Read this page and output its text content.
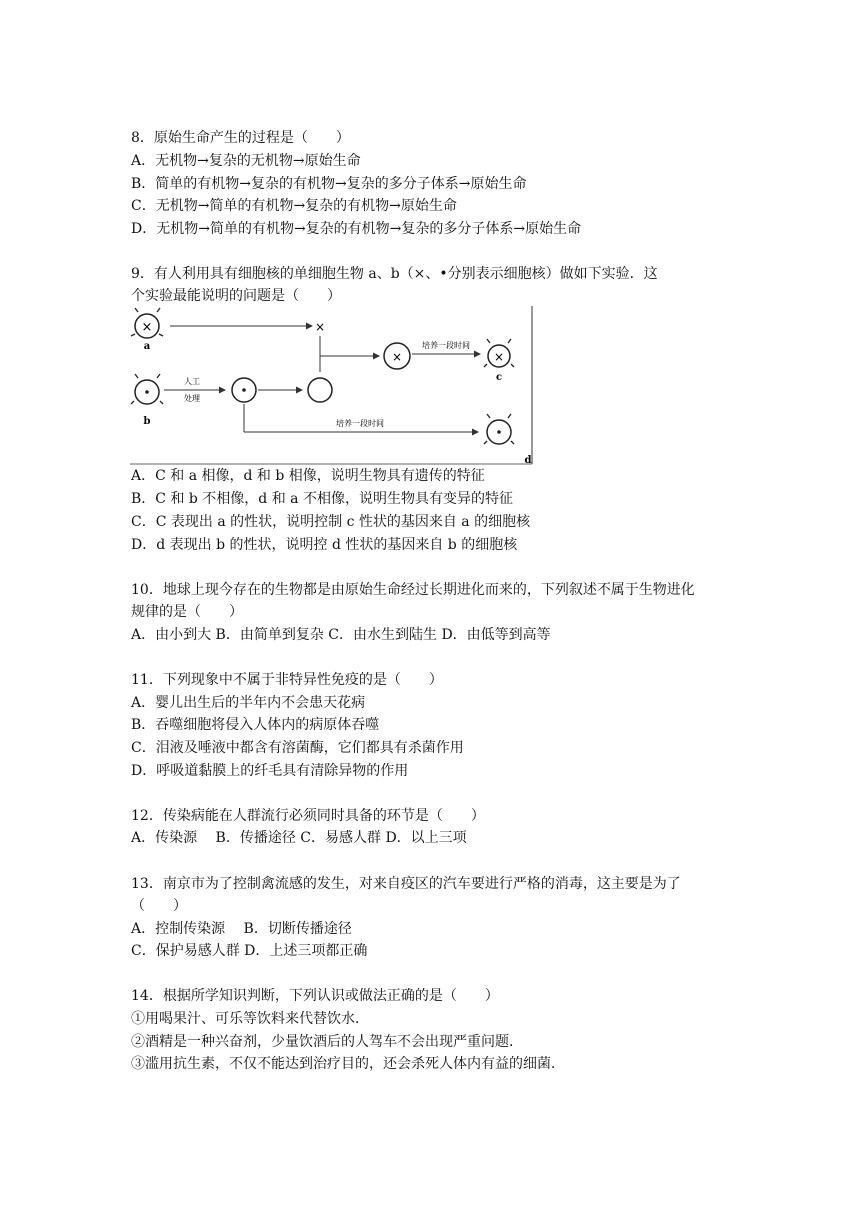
8．原始生命产生的过程是（　　）
A．无机物→复杂的无机物→原始生命
B．简单的有机物→复杂的有机物→复杂的多分子体系→原始生命
C．无机物→简单的有机物→复杂的有机物→原始生命
D．无机物→简单的有机物→复杂的有机物→复杂的多分子体系→原始生命
9．有人利用具有细胞核的单细胞生物 a、b（×、•分别表示细胞核）做如下实验．这
个实验最能说明的问题是（　　）
×
a
×
b
人工
处理
×
培养一段时间
×
c
培养一段时间
d
A．C 和 a 相像，d 和 b 相像，说明生物具有遗传的特征
B．C 和 b 不相像，d 和 a 不相像，说明生物具有变异的特征
C．C 表现出 a 的性状，说明控制 c 性状的基因来自 a 的细胞核
D．d 表现出 b 的性状，说明控 d 性状的基因来自 b 的细胞核
10．地球上现今存在的生物都是由原始生命经过长期进化而来的，下列叙述不属于生物进化
规律的是（　　）
A．由小到大 B．由简单到复杂 C．由水生到陆生 D．由低等到高等
11．下列现象中不属于非特异性免疫的是（　　）
A．婴儿出生后的半年内不会患天花病
B．吞噬细胞将侵入人体内的病原体吞噬
C．泪液及唾液中都含有溶菌酶，它们都具有杀菌作用
D．呼吸道黏膜上的纤毛具有清除异物的作用
12．传染病能在人群流行必须同时具备的环节是（　　）
A．传染源　 B．传播途径 C．易感人群 D．以上三项
13．南京市为了控制禽流感的发生，对来自疫区的汽车要进行严格的消毒，这主要是为了
（　　）
A．控制传染源　 B．切断传播途径
C．保护易感人群 D．上述三项都正确
14．根据所学知识判断，下列认识或做法正确的是（　　）
①用喝果汁、可乐等饮料来代替饮水．
②酒精是一种兴奋剂，少量饮酒后的人驾车不会出现严重问题．
③滥用抗生素，不仅不能达到治疗目的，还会杀死人体内有益的细菌．
